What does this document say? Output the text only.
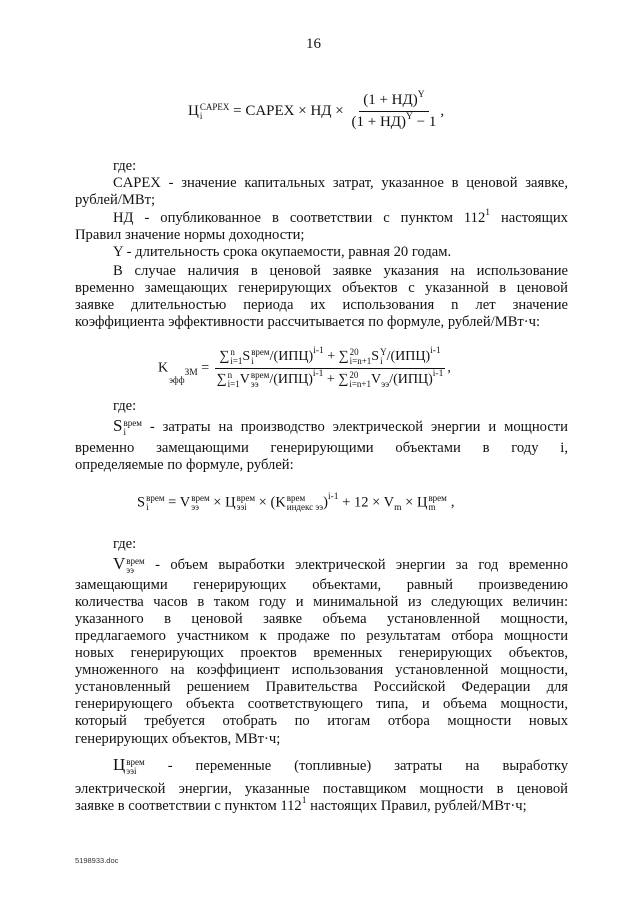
16
Ц CAPEX
i	= CAPEX × НД × $\frac{(1 + НД)^Y}{(1 + НД)^Y - 1}$ ,
где:
CAPEX - значение капитальных затрат, указанное в ценовой заявке,
рублей/МВт;
НД - опубликованное в соответствии с пунктом $112^1$ настоящих
Правил значение нормы доходности;
Y - длительность срока окупаемости, равная 20 годам.
В случае наличия в ценовой заявке указания на использование
временно замещающих генерирующих объектов с указанной в ценовой
заявке длительностью периода их использования n лет значение
коэффициента эффективности рассчитывается по формуле, рублей/МВт·ч:
K
эфф
$_{ЗМ}$ = ∑ n
i=1 S врем
i	/(ИПЦ)$^{i-1}$ + ∑ 20
i=n+1 S Y
i /(ИПЦ)$^{i-1}$
∑ n
i=1 V врем
ээ /(ИПЦ)$^{i-1}$ + ∑ 20
i=n+1 $V_{ээ}/(ИПЦ)^{i-1}$ ,
где:
S врем
i	- затраты на производство электрической энергии и мощности
временно замещающими генерирующими объектами в году i,
определяемые по формуле, рублей:
S врем
i	= V врем
ээ × Ц врем
ээi × (K врем
индекс ээ )$^{i-1} + 12 \times V_m \times Ц$ врем
m	,
где:
V врем
ээ - объем выработки электрической энергии за год временно
замещающими генерирующих объектами, равный произведению
количества часов в таком году и минимальной из следующих величин:
указанного в ценовой заявке объема установленной мощности,
предлагаемого участником к продаже по результатам отбора мощности
новых генерирующих проектов временных генерирующих объектов,
умноженного на коэффициент использования установленной мощности,
установленный решением Правительства Российской Федерации для
генерирующего объекта соответствующего типа, и объема мощности,
который требуется отобрать по итогам отбора мощности новых
генерирующих объектов, МВт·ч;
Ц врем
ээi - переменные (топливные) затраты на выработку
электрической энергии, указанные поставщиком мощности в ценовой
заявке в соответствии с пунктом $112^1$ настоящих Правил, рублей/МВт·ч;
5198933.doc
